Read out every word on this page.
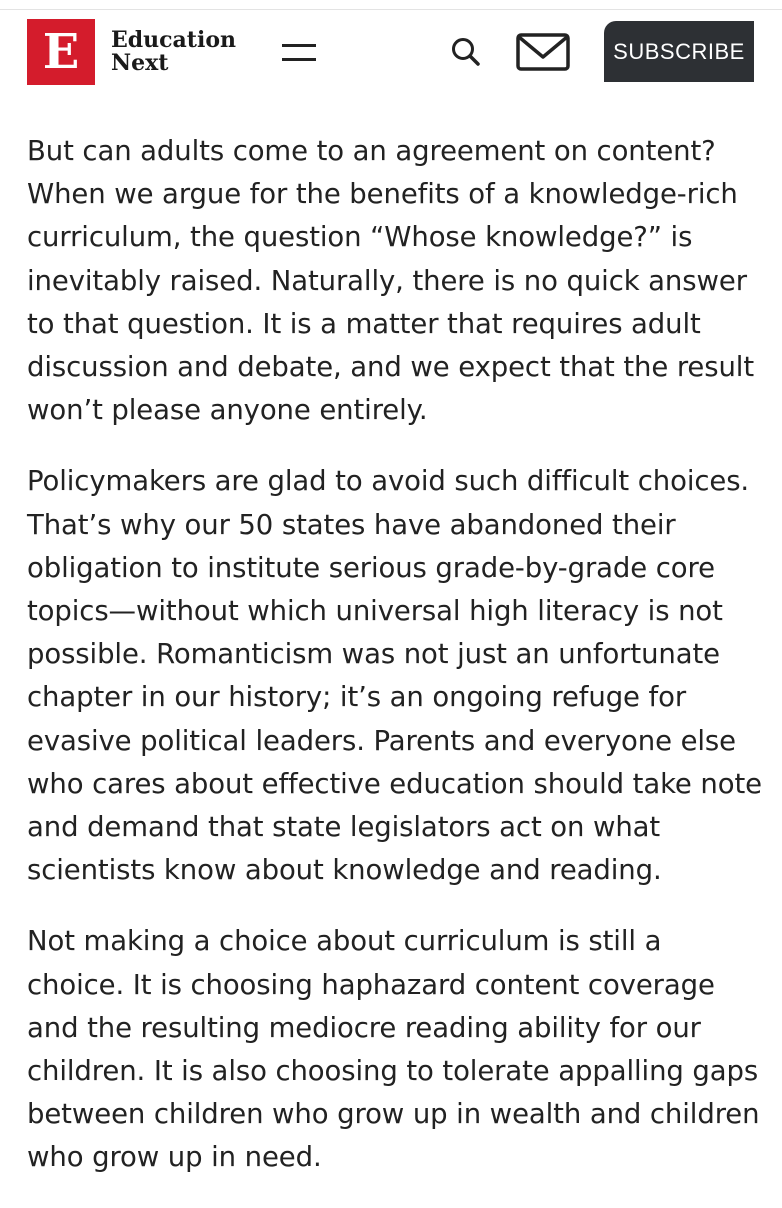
E	Education
Next	SUBSCRIBE

But can adults come to an agreement on content? When we argue for the benefits of a knowledge-rich curriculum, the question “Whose knowledge?” is inevitably raised. Naturally, there is no quick answer to that question. It is a matter that requires adult discussion and debate, and we expect that the result won’t please anyone entirely.

Policymakers are glad to avoid such difficult choices. That’s why our 50 states have abandoned their obligation to institute serious grade-by-grade core topics—without which universal high literacy is not possible. Romanticism was not just an unfortunate chapter in our history; it’s an ongoing refuge for evasive political leaders. Parents and everyone else who cares about effective education should take note and demand that state legislators act on what scientists know about knowledge and reading.

Not making a choice about curriculum is still a choice. It is choosing haphazard content coverage and the resulting mediocre reading ability for our children. It is also choosing to tolerate appalling gaps between children who grow up in wealth and children who grow up in need.
